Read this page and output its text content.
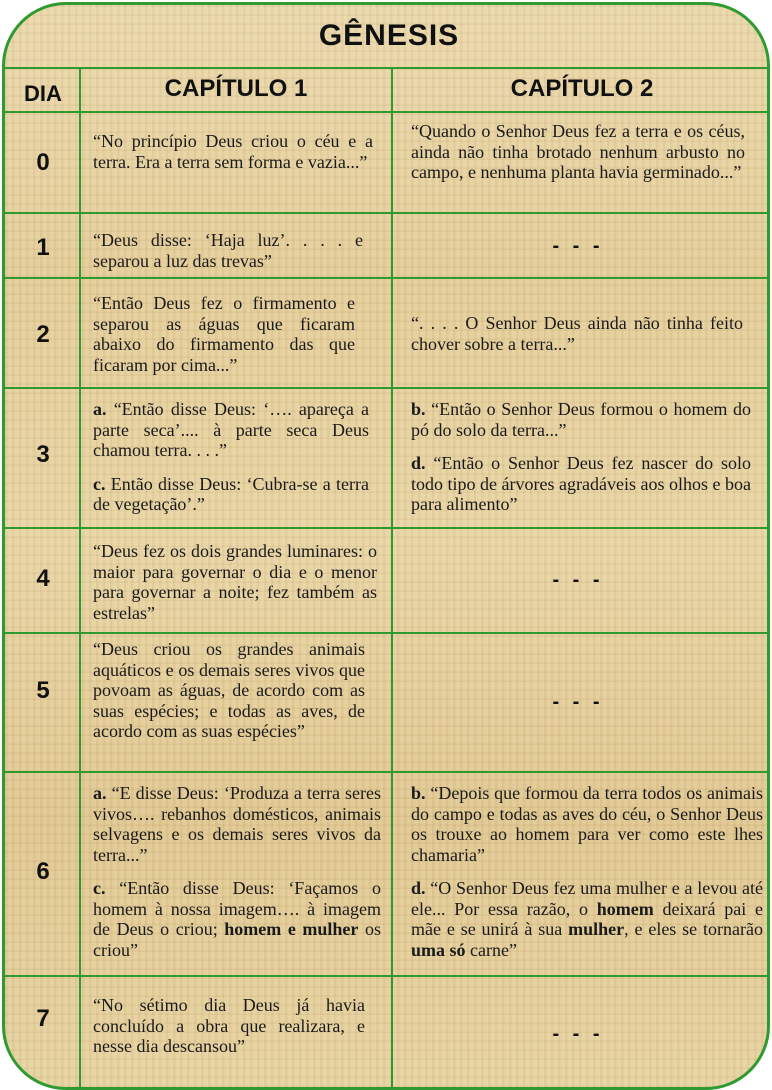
GÊNESIS
DIA	CAPÍTULO 1	CAPÍTULO 2
0
1
2
3
4
5
6
7
“No princípio Deus criou o céu e a terra. Era a terra sem forma e vazia...”
“Quando o Senhor Deus fez a terra e os céus, ainda não tinha brotado nenhum arbusto no campo, e nenhuma planta havia germinado...”
“Deus disse: ‘Haja luz’. . . . e separou a luz das trevas”
- - -
“Então Deus fez o firmamento e separou as águas que ficaram abaixo do firmamento das que ficaram por cima...”
“. . . . O Senhor Deus ainda não tinha feito chover sobre a terra...”

a. “Então disse Deus: ‘…. apareça a parte seca’.... à parte seca Deus chamou terra. . . .”

c. Então disse Deus: ‘Cubra-se a terra de vegetação’.”

b. “Então o Senhor Deus formou o homem do pó do solo da terra...”

d. “Então o Senhor Deus fez nascer do solo todo tipo de árvores agradáveis aos olhos e boa para alimento”

“Deus fez os dois grandes luminares: o maior para governar o dia e o menor para governar a noite; fez também as estrelas”
- - -
“Deus criou os grandes animais aquáticos e os demais seres vivos que povoam as águas, de acordo com as suas espécies; e todas as aves, de acordo com as suas espécies”
- - -

a. “E disse Deus: ‘Produza a terra seres vivos…. rebanhos domésticos, animais selvagens e os demais seres vivos da terra...”

c. “Então disse Deus: ‘Façamos o homem à nossa imagem…. à imagem de Deus o criou; homem e mulher os criou”

b. “Depois que formou da terra todos os animais do campo e todas as aves do céu, o Senhor Deus os trouxe ao homem para ver como este lhes chamaria”

d. “O Senhor Deus fez uma mulher e a levou até ele... Por essa razão, o homem deixará pai e mãe e se unirá à sua mulher, e eles se tornarão uma só carne”

“No sétimo dia Deus já havia concluído a obra que realizara, e nesse dia descansou”
- - -
